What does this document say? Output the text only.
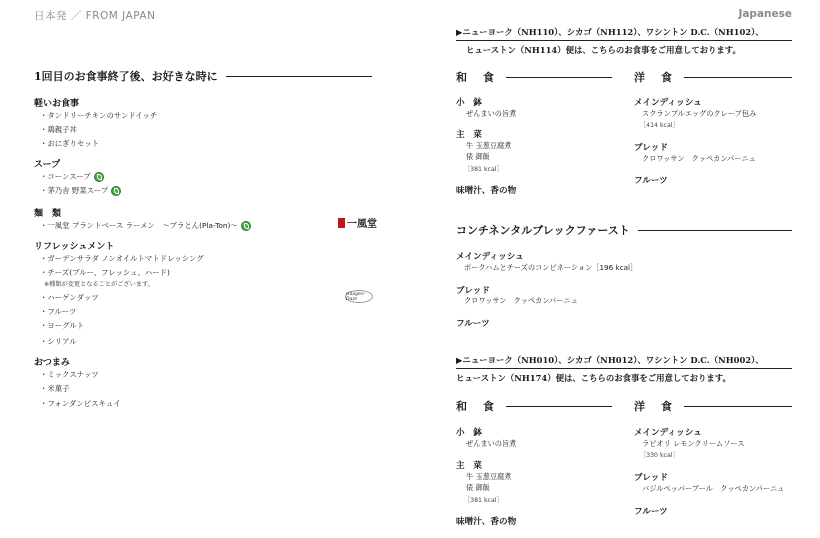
日本発 ／ FROM JAPAN	Japanese
1回目のお食事終了後、お好きな時に
軽いお食事
・タンドリーチキンのサンドイッチ
・鶏親子丼
・おにぎりセット
スープ
・コーンスープ
・茅乃舎 野菜スープ
麺　類
・一風堂 プラントベース ラーメン　〜プラとん(Pla-Ton)〜	一風堂
リフレッシュメント
・ガーデンサラダ ノンオイルトマトドレッシング
・チーズ(ブルー、フレッシュ、ハード)
※種類が変更となることがございます。
・ハーゲンダッツ	Häagen-Dazs
・フルーツ
・ヨーグルト
・シリアル
おつまみ
・ミックスナッツ
・米菓子
・フォンダンビスキュイ
▶ニューヨーク（NH110）、シカゴ（NH112）、ワシントン D.C.（NH102）、
ヒューストン（NH114）便は、こちらのお食事をご用意しております。
和 食
小　鉢
ぜんまいの旨煮
主　菜
牛 玉葱豆腐煮
俵 御飯
［381 kcal］
味噌汁、香の物
洋 食
メインディッシュ
スクランブルエッグのクレープ包み
［414 kcal］
ブレッド
クロワッサン　クッペカンパーニュ
フルーツ
コンチネンタルブレックファースト
メインディッシュ
ポークハムとチーズのコンビネーション［196 kcal］
ブレッド
クロワッサン　クッペカンパーニュ
フルーツ
▶ニューヨーク（NH010）、シカゴ（NH012）、ワシントン D.C.（NH002）、
ヒューストン（NH174）便は、こちらのお食事をご用意しております。
和 食
小　鉢
ぜんまいの旨煮
主　菜
牛 玉葱豆腐煮
俵 御飯
［381 kcal］
味噌汁、香の物
洋 食
メインディッシュ
ラビオリ レモンクリームソース
［330 kcal］
ブレッド
バジルペッパーブール　クッペカンパーニュ
フルーツ
